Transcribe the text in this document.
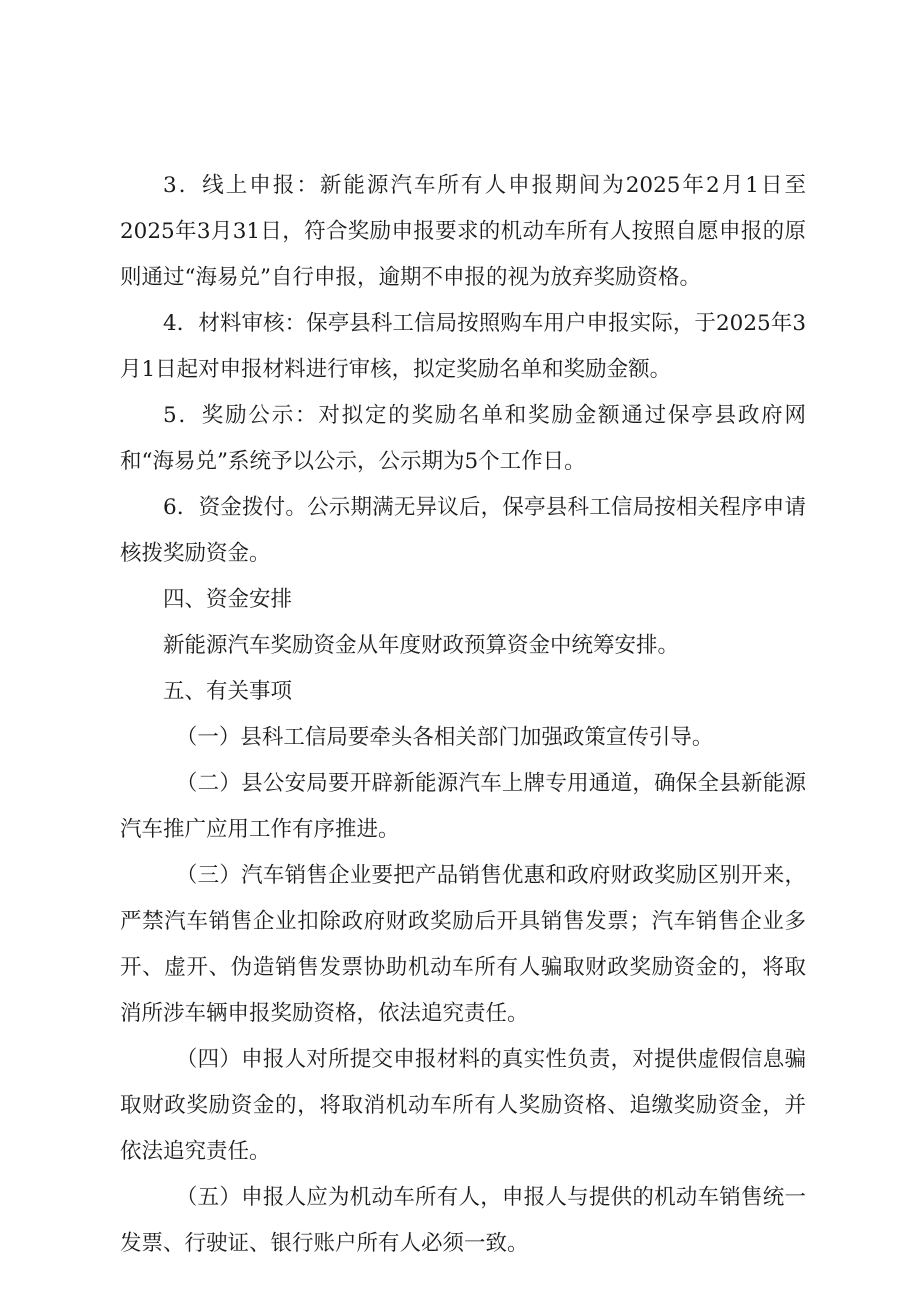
3．线上申报：新能源汽车所有人申报期间为2025年2月1日至2025年3月31日，符合奖励申报要求的机动车所有人按照自愿申报的原则通过“海易兑”自行申报，逾期不申报的视为放弃奖励资格。

4．材料审核：保亭县科工信局按照购车用户申报实际，于2025年3月1日起对申报材料进行审核，拟定奖励名单和奖励金额。

5．奖励公示：对拟定的奖励名单和奖励金额通过保亭县政府网和“海易兑”系统予以公示，公示期为5个工作日。

6．资金拨付。公示期满无异议后，保亭县科工信局按相关程序申请核拨奖励资金。

四、资金安排

新能源汽车奖励资金从年度财政预算资金中统筹安排。

五、有关事项

（一）县科工信局要牵头各相关部门加强政策宣传引导。

（二）县公安局要开辟新能源汽车上牌专用通道，确保全县新能源汽车推广应用工作有序推进。

（三）汽车销售企业要把产品销售优惠和政府财政奖励区别开来，严禁汽车销售企业扣除政府财政奖励后开具销售发票；汽车销售企业多开、虚开、伪造销售发票协助机动车所有人骗取财政奖励资金的，将取消所涉车辆申报奖励资格，依法追究责任。

（四）申报人对所提交申报材料的真实性负责，对提供虚假信息骗取财政奖励资金的，将取消机动车所有人奖励资格、追缴奖励资金，并依法追究责任。

（五）申报人应为机动车所有人，申报人与提供的机动车销售统一发票、行驶证、银行账户所有人必须一致。
